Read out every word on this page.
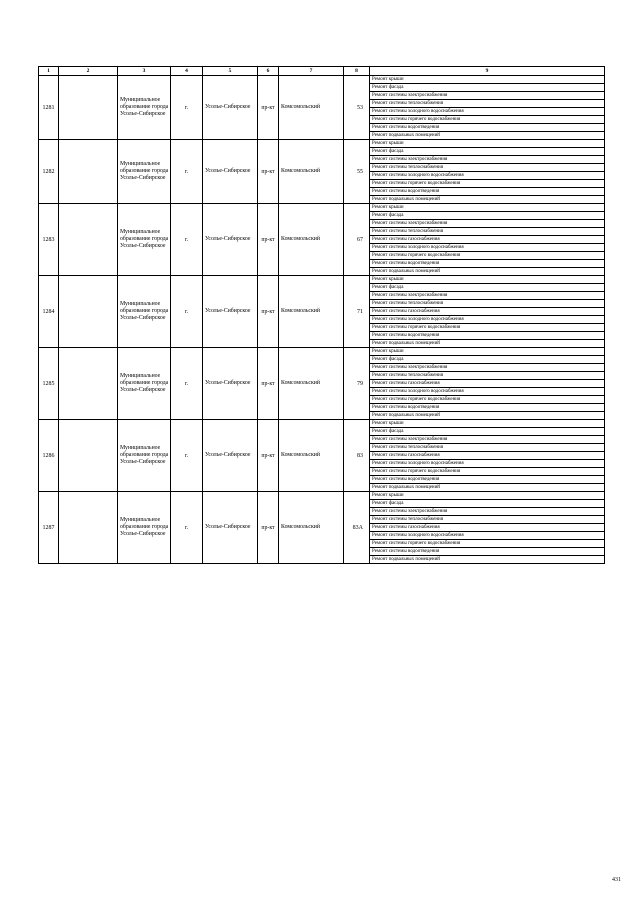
1	2	3	4	5	6	7	8	9
1281		Муниципальное образование города Усолье-Сибирское	г.	Усолье-Сибирское	пр-кт	Комсомольский	53	Ремонт крыши
								Ремонт фасада
								Ремонт системы электроснабжения
								Ремонт системы теплоснабжения
								Ремонт системы холодного водоснабжения
								Ремонт системы горячего водоснабжения
								Ремонт системы водоотведения
								Ремонт подвальных помещений
1282		Муниципальное образование города Усолье-Сибирское	г.	Усолье-Сибирское	пр-кт	Комсомольский	55	Ремонт крыши
								Ремонт фасада
								Ремонт системы электроснабжения
								Ремонт системы теплоснабжения
								Ремонт системы холодного водоснабжения
								Ремонт системы горячего водоснабжения
								Ремонт системы водоотведения
								Ремонт подвальных помещений
1283		Муниципальное образование города Усолье-Сибирское	г.	Усолье-Сибирское	пр-кт	Комсомольский	67	Ремонт крыши
								Ремонт фасада
								Ремонт системы электроснабжения
								Ремонт системы теплоснабжения
								Ремонт системы газоснабжения
								Ремонт системы холодного водоснабжения
								Ремонт системы горячего водоснабжения
								Ремонт системы водоотведения
								Ремонт подвальных помещений
1284		Муниципальное образование города Усолье-Сибирское	г.	Усолье-Сибирское	пр-кт	Комсомольский	71	Ремонт крыши
								Ремонт фасада
								Ремонт системы электроснабжения
								Ремонт системы теплоснабжения
								Ремонт системы газоснабжения
								Ремонт системы холодного водоснабжения
								Ремонт системы горячего водоснабжения
								Ремонт системы водоотведения
								Ремонт подвальных помещений
1285		Муниципальное образование города Усолье-Сибирское	г.	Усолье-Сибирское	пр-кт	Комсомольский	79	Ремонт крыши
								Ремонт фасада
								Ремонт системы электроснабжения
								Ремонт системы теплоснабжения
								Ремонт системы газоснабжения
								Ремонт системы холодного водоснабжения
								Ремонт системы горячего водоснабжения
								Ремонт системы водоотведения
								Ремонт подвальных помещений
1286		Муниципальное образование города Усолье-Сибирское	г.	Усолье-Сибирское	пр-кт	Комсомольский	83	Ремонт крыши
								Ремонт фасада
								Ремонт системы электроснабжения
								Ремонт системы теплоснабжения
								Ремонт системы газоснабжения
								Ремонт системы холодного водоснабжения
								Ремонт системы горячего водоснабжения
								Ремонт системы водоотведения
								Ремонт подвальных помещений
1287		Муниципальное образование города Усолье-Сибирское	г.	Усолье-Сибирское	пр-кт	Комсомольский	83А	Ремонт крыши
								Ремонт фасада
								Ремонт системы электроснабжения
								Ремонт системы теплоснабжения
								Ремонт системы газоснабжения
								Ремонт системы холодного водоснабжения
								Ремонт системы горячего водоснабжения
								Ремонт системы водоотведения
								Ремонт подвальных помещений
431
